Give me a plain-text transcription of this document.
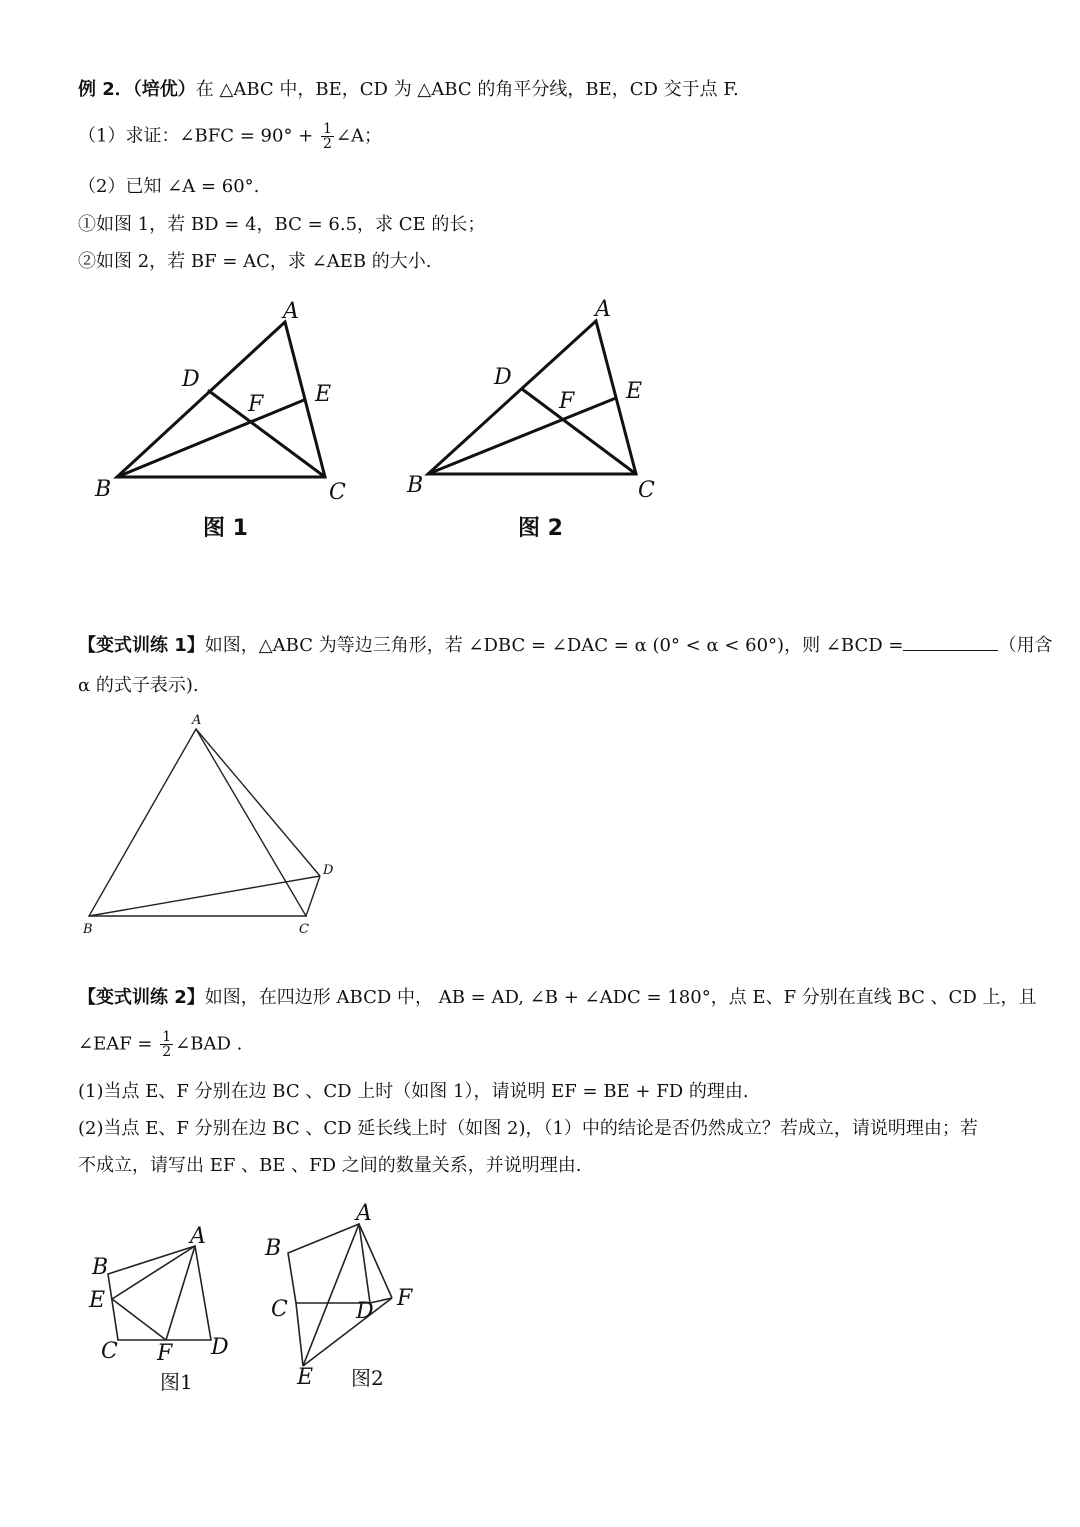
例 2．（培优）在 △ABC 中，BE，CD 为 △ABC 的角平分线，BE，CD 交于点 F.
（1）求证：∠BFC = $90^\circ + \frac{1}{2}$ ∠A；
（2）已知 ∠A = 60°.
①如图 1，若 BD = 4，BC = 6.5，求 CE 的长；
②如图 2，若 BF = AC，求 ∠AEB 的大小.
【变式训练 1】如图，△ABC 为等边三角形，若 ∠DBC = ∠DAC = α (0° < α < 60°)，则 ∠BCD =	（用含
α 的式子表示).
【变式训练 2】如图，在四边形 ABCD 中， AB = AD, ∠B + ∠ADC = 180°，点 E、F 分别在直线 BC 、CD 上，且
∠EAF = $\frac{1}{2}$ ∠BAD .
(1)当点 E、F 分别在边 BC 、CD 上时（如图 1），请说明 EF = BE + FD 的理由.
(2)当点 E、F 分别在边 BC 、CD 延长线上时（如图 2)，（1）中的结论是否仍然成立？若成立，请说明理由；若
不成立，请写出 EF 、BE 、FD 之间的数量关系，并说明理由.
A
B	C
D
E
F
图 1
A
B	C
D
E
F
图 2
A
B	C
D
A
B
C	D
E
F
图1
A
B
C	D
E
F
图2
